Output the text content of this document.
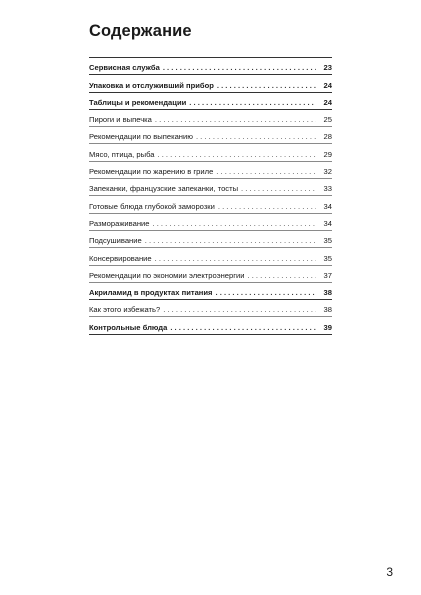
Содержание
Сервисная служба . . .	23
Упаковка и отслуживший прибор . . .	24
Таблицы и рекомендации . . .	24
Пироги и выпечка . . .	25
Рекомендации по выпеканию . . .	28
Мясо, птица, рыба . . .	29
Рекомендации по жарению в гриле . . .	32
Запеканки, французские запеканки, тосты . . .	33
Готовые блюда глубокой заморозки . . .	34
Размораживание . . .	34
Подсушивание . . .	35
Консервирование . . .	35
Рекомендации по экономии электроэнергии . . .	37
Акриламид в продуктах питания . . .	38
Как этого избежать? . . .	38
Контрольные блюда . . .	39
3
